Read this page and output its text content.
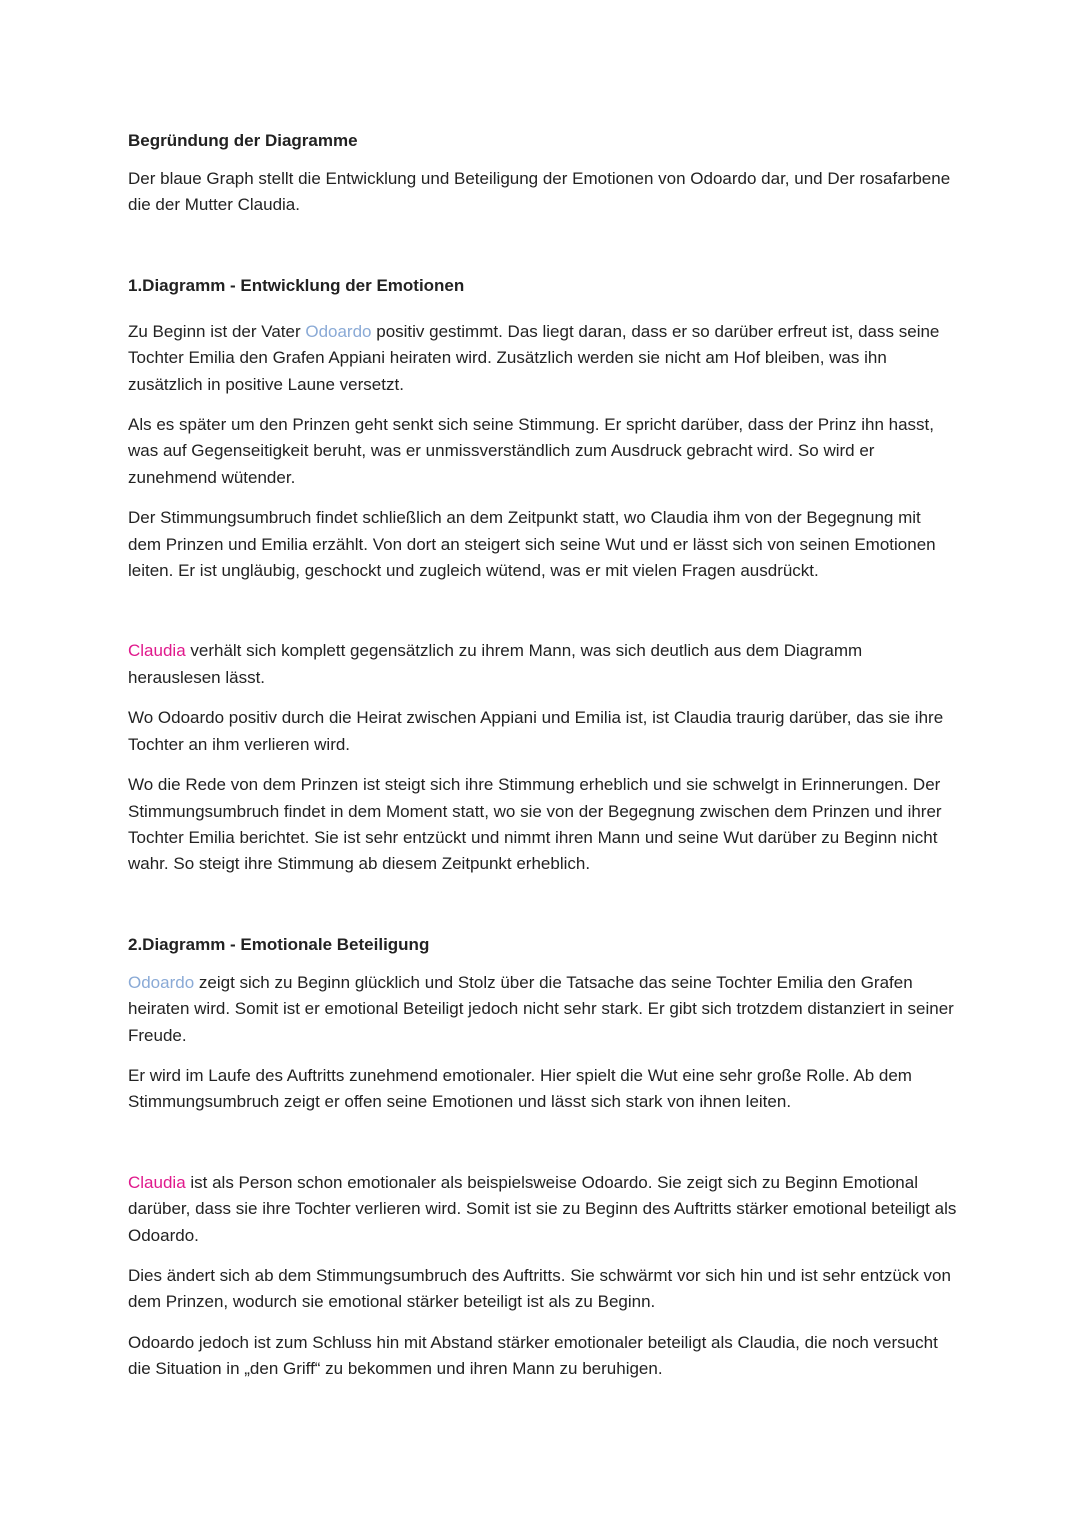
Begründung der Diagramme

Der blaue Graph stellt die Entwicklung und Beteiligung der Emotionen von Odoardo dar, und Der rosafarbene die der Mutter Claudia.

1.Diagramm - Entwicklung der Emotionen

Zu Beginn ist der Vater Odoardo positiv gestimmt. Das liegt daran, dass er so darüber erfreut ist, dass seine Tochter Emilia den Grafen Appiani heiraten wird. Zusätzlich werden sie nicht am Hof bleiben, was ihn zusätzlich in positive Laune versetzt.

Als es später um den Prinzen geht senkt sich seine Stimmung. Er spricht darüber, dass der Prinz ihn hasst, was auf Gegenseitigkeit beruht, was er unmissverständlich zum Ausdruck gebracht wird. So wird er zunehmend wütender.

Der Stimmungsumbruch findet schließlich an dem Zeitpunkt statt, wo Claudia ihm von der Begegnung mit dem Prinzen und Emilia erzählt. Von dort an steigert sich seine Wut und er lässt sich von seinen Emotionen leiten. Er ist ungläubig, geschockt und zugleich wütend, was er mit vielen Fragen ausdrückt.

Claudia verhält sich komplett gegensätzlich zu ihrem Mann, was sich deutlich aus dem Diagramm herauslesen lässt.

Wo Odoardo positiv durch die Heirat zwischen Appiani und Emilia ist, ist Claudia traurig darüber, das sie ihre Tochter an ihm verlieren wird.

Wo die Rede von dem Prinzen ist steigt sich ihre Stimmung erheblich und sie schwelgt in Erinnerungen. Der Stimmungsumbruch findet in dem Moment statt, wo sie von der Begegnung zwischen dem Prinzen und ihrer Tochter Emilia berichtet. Sie ist sehr entzückt und nimmt ihren Mann und seine Wut darüber zu Beginn nicht wahr. So steigt ihre Stimmung ab diesem Zeitpunkt erheblich.

2.Diagramm - Emotionale Beteiligung

Odoardo zeigt sich zu Beginn glücklich und Stolz über die Tatsache das seine Tochter Emilia den Grafen heiraten wird. Somit ist er emotional Beteiligt jedoch nicht sehr stark. Er gibt sich trotzdem distanziert in seiner Freude.

Er wird im Laufe des Auftritts zunehmend emotionaler. Hier spielt die Wut eine sehr große Rolle. Ab dem Stimmungsumbruch zeigt er offen seine Emotionen und lässt sich stark von ihnen leiten.

Claudia ist als Person schon emotionaler als beispielsweise Odoardo. Sie zeigt sich zu Beginn Emotional darüber, dass sie ihre Tochter verlieren wird. Somit ist sie zu Beginn des Auftritts stärker emotional beteiligt als Odoardo.

Dies ändert sich ab dem Stimmungsumbruch des Auftritts. Sie schwärmt vor sich hin und ist sehr entzück von dem Prinzen, wodurch sie emotional stärker beteiligt ist als zu Beginn.

Odoardo jedoch ist zum Schluss hin mit Abstand stärker emotionaler beteiligt als Claudia, die noch versucht die Situation in „den Griff“ zu bekommen und ihren Mann zu beruhigen.
